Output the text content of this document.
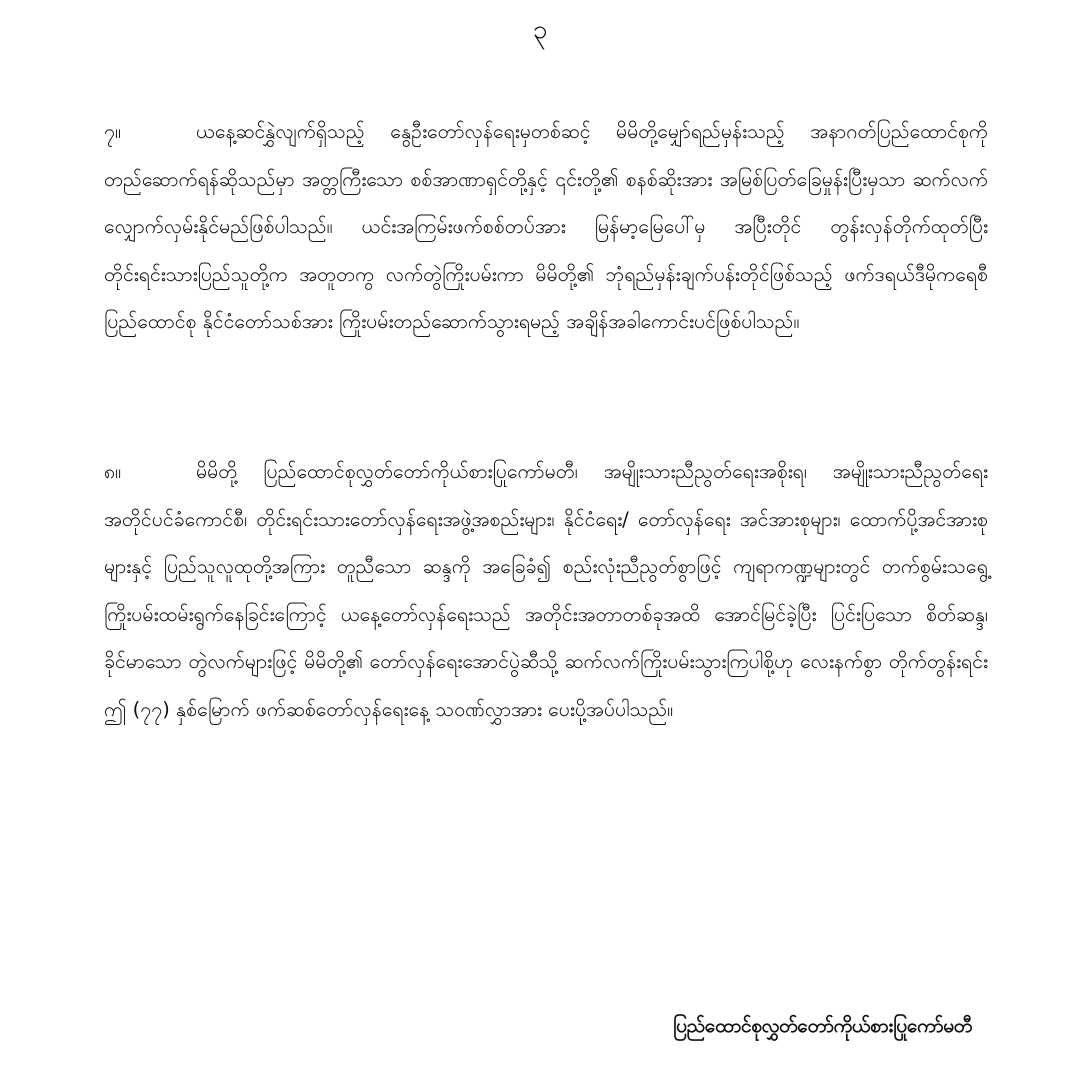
၃
၇။	ယနေ့ဆင်နွှဲလျက်ရှိသည့် နွေဦးတော်လှန်ရေးမှတစ်ဆင့် မိမိတို့မျှော်ရည်မှန်းသည့် အနာဂတ်ပြည်ထောင်စုကို တည်ဆောက်ရန်ဆိုသည်မှာ အတ္တကြီးသော စစ်အာဏာရှင်တို့နှင့် ၎င်းတို့၏ စနစ်ဆိုးအား အမြစ်ပြတ်ခြေမှုန်းပြီးမှသာ ဆက်လက်လျှောက်လှမ်းနိုင်မည်ဖြစ်ပါသည်။ ယင်းအကြမ်းဖက်စစ်တပ်အား မြန်မာ့မြေပေါ်မှ အပြီးတိုင် တွန်းလှန်တိုက်ထုတ်ပြီး တိုင်းရင်းသားပြည်သူတို့က အတူတကွ လက်တွဲကြိုးပမ်းကာ မိမိတို့၏ ဘုံရည်မှန်းချက်ပန်းတိုင်ဖြစ်သည့် ဖက်ဒရယ်ဒီမိုကရေစီပြည်ထောင်စု နိုင်ငံတော်သစ်အား ကြိုးပမ်းတည်ဆောက်သွားရမည့် အချိန်အခါကောင်းပင်ဖြစ်ပါသည်။
၈။	မိမိတို့ ပြည်ထောင်စုလွှတ်တော်ကိုယ်စားပြုကော်မတီ၊ အမျိုးသားညီညွတ်ရေးအစိုးရ၊ အမျိုးသားညီညွတ်ရေးအတိုင်ပင်ခံကောင်စီ၊ တိုင်းရင်းသားတော်လှန်ရေးအဖွဲ့အစည်းများ၊ နိုင်ငံရေး/ တော်လှန်ရေး အင်အားစုများ၊ ထောက်ပို့အင်အားစုများနှင့် ပြည်သူလူထုတို့အကြား တူညီသော ဆန္ဒကို အခြေခံ၍ စည်းလုံးညီညွတ်စွာဖြင့် ကျရာကဏ္ဍများတွင် တက်စွမ်းသရွေ့ ကြိုးပမ်းထမ်းရွက်နေခြင်းကြောင့် ယနေ့တော်လှန်ရေးသည် အတိုင်းအတာတစ်ခုအထိ အောင်မြင်ခဲ့ပြီး ပြင်းပြသော စိတ်ဆန္ဒ၊ ခိုင်မာသော တွဲလက်များဖြင့် မိမိတို့၏ တော်လှန်ရေးအောင်ပွဲဆီသို့ ဆက်လက်ကြိုးပမ်းသွားကြပါစို့ဟု လေးနက်စွာ တိုက်တွန်းရင်း ဤ (၇၇) နှစ်မြောက် ဖက်ဆစ်တော်လှန်ရေးနေ့ သဝဏ်လွှာအား ပေးပို့အပ်ပါသည်။
ပြည်ထောင်စုလွှတ်တော်ကိုယ်စားပြုကော်မတီ
